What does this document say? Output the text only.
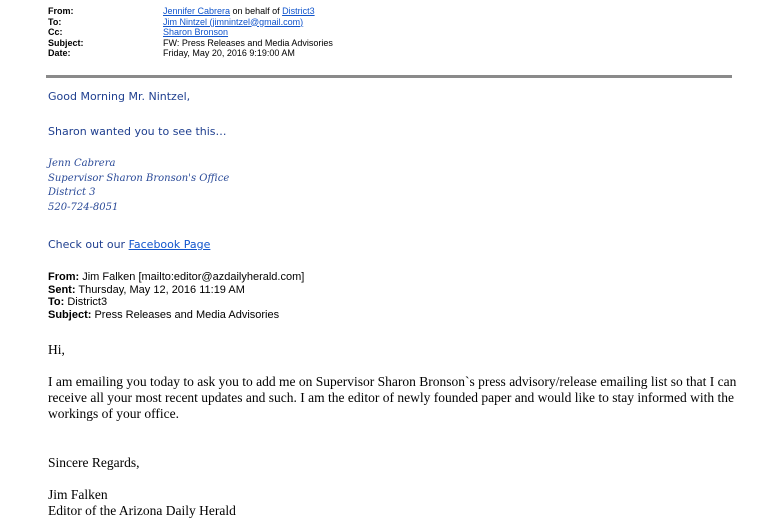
From:	Jennifer Cabrera on behalf of District3
To:	Jim Nintzel (jimnintzel@gmail.com)
Cc:	Sharon Bronson
Subject:	FW: Press Releases and Media Advisories
Date:	Friday, May 20, 2016 9:19:00 AM
Good Morning Mr. Nintzel,
Sharon wanted you to see this…
Jenn Cabrera
Supervisor Sharon Bronson's Office
District 3
520-724-8051
Check out our Facebook Page
From: Jim Falken [mailto:editor@azdailyherald.com]
Sent: Thursday, May 12, 2016 11:19 AM
To: District3
Subject: Press Releases and Media Advisories
Hi,
I am emailing you today to ask you to add me on Supervisor Sharon Bronson`s press advisory/release emailing list so that I can receive all your most recent updates and such. I am the editor of newly founded paper and would like to stay informed with the workings of your office.
Sincere Regards,
Jim Falken
Editor of the Arizona Daily Herald
